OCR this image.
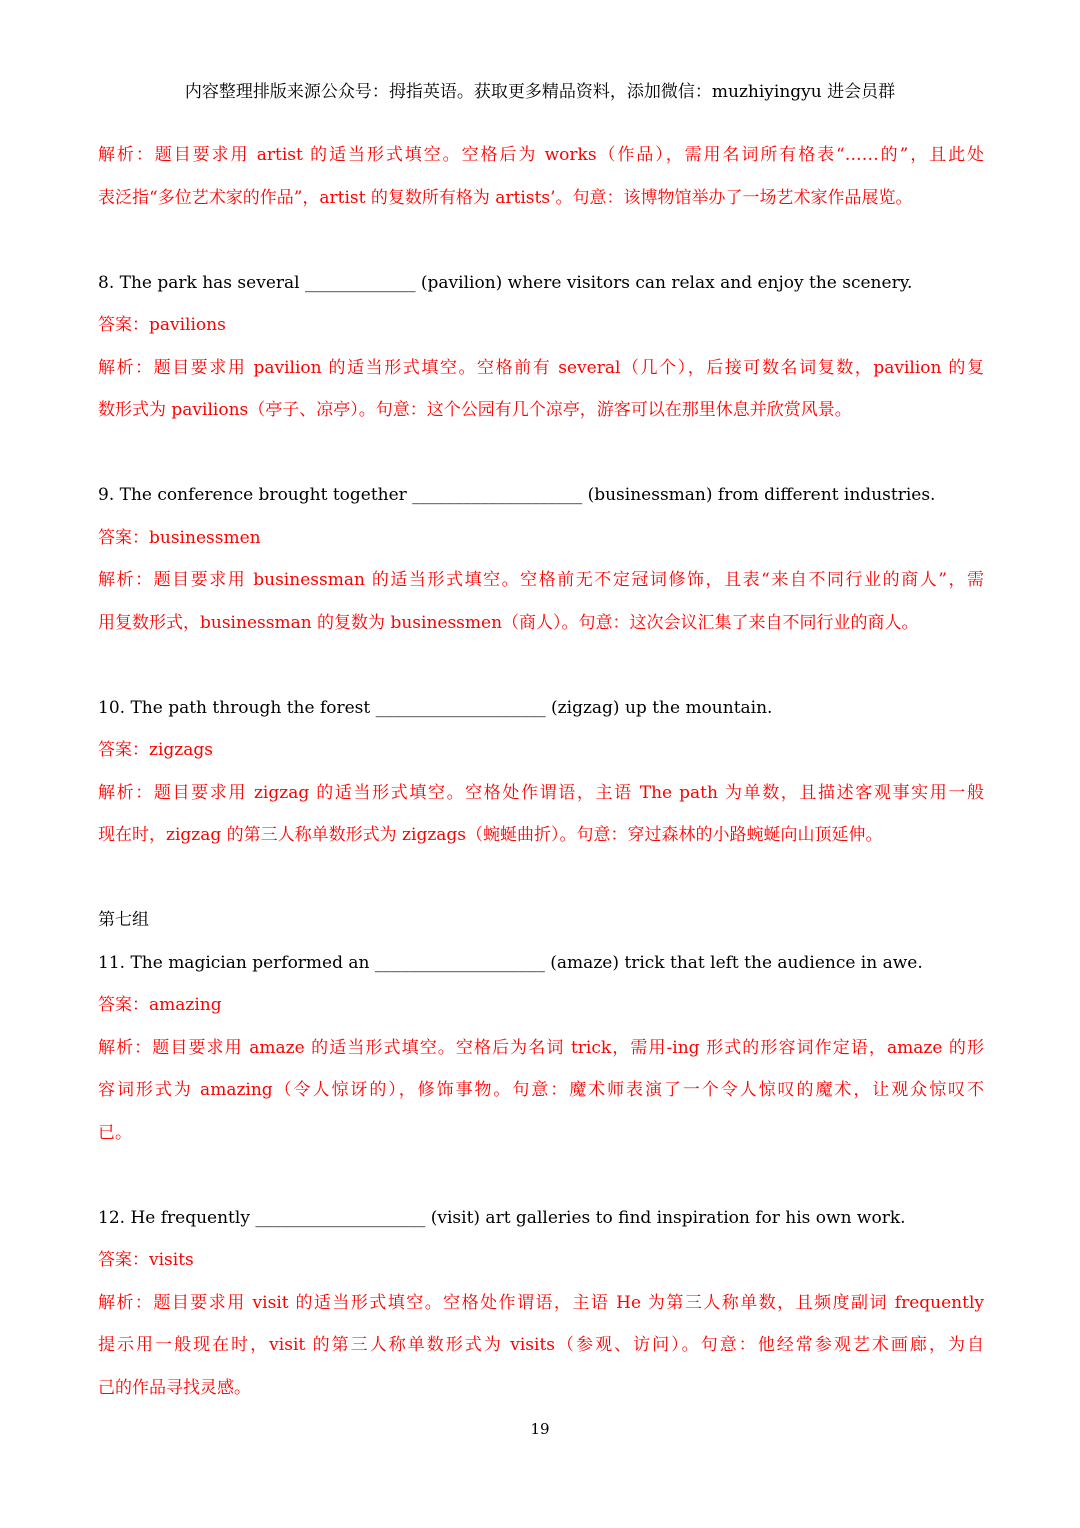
内容整理排版来源公众号：拇指英语。获取更多精品资料，添加微信：muzhiyingyu 进会员群

解析：题目要求用 artist 的适当形式填空。空格后为 works（作品），需用名词所有格表“……的”，且此处

表泛指“多位艺术家的作品”，artist 的复数所有格为 artists’。句意：该博物馆举办了一场艺术家作品展览。

8. The park has several _____________ (pavilion) where visitors can relax and enjoy the scenery.

答案：pavilions

解析：题目要求用 pavilion 的适当形式填空。空格前有 several（几个），后接可数名词复数，pavilion 的复

数形式为 pavilions（亭子、凉亭）。句意：这个公园有几个凉亭，游客可以在那里休息并欣赏风景。

9. The conference brought together ____________________ (businessman) from different industries.

答案：businessmen

解析：题目要求用 businessman 的适当形式填空。空格前无不定冠词修饰，且表“来自不同行业的商人”，需

用复数形式，businessman 的复数为 businessmen（商人）。句意：这次会议汇集了来自不同行业的商人。

10. The path through the forest ____________________ (zigzag) up the mountain.

答案：zigzags

解析：题目要求用 zigzag 的适当形式填空。空格处作谓语，主语 The path 为单数，且描述客观事实用一般

现在时，zigzag 的第三人称单数形式为 zigzags（蜿蜒曲折）。句意：穿过森林的小路蜿蜒向山顶延伸。

第七组

11. The magician performed an ____________________ (amaze) trick that left the audience in awe.

答案：amazing

解析：题目要求用 amaze 的适当形式填空。空格后为名词 trick，需用-ing 形式的形容词作定语，amaze 的形

容词形式为 amazing（令人惊讶的），修饰事物。句意：魔术师表演了一个令人惊叹的魔术，让观众惊叹不

已。

12. He frequently ____________________ (visit) art galleries to find inspiration for his own work.

答案：visits

解析：题目要求用 visit 的适当形式填空。空格处作谓语，主语 He 为第三人称单数，且频度副词 frequently

提示用一般现在时，visit 的第三人称单数形式为 visits（参观、访问）。句意：他经常参观艺术画廊，为自

己的作品寻找灵感。

19
